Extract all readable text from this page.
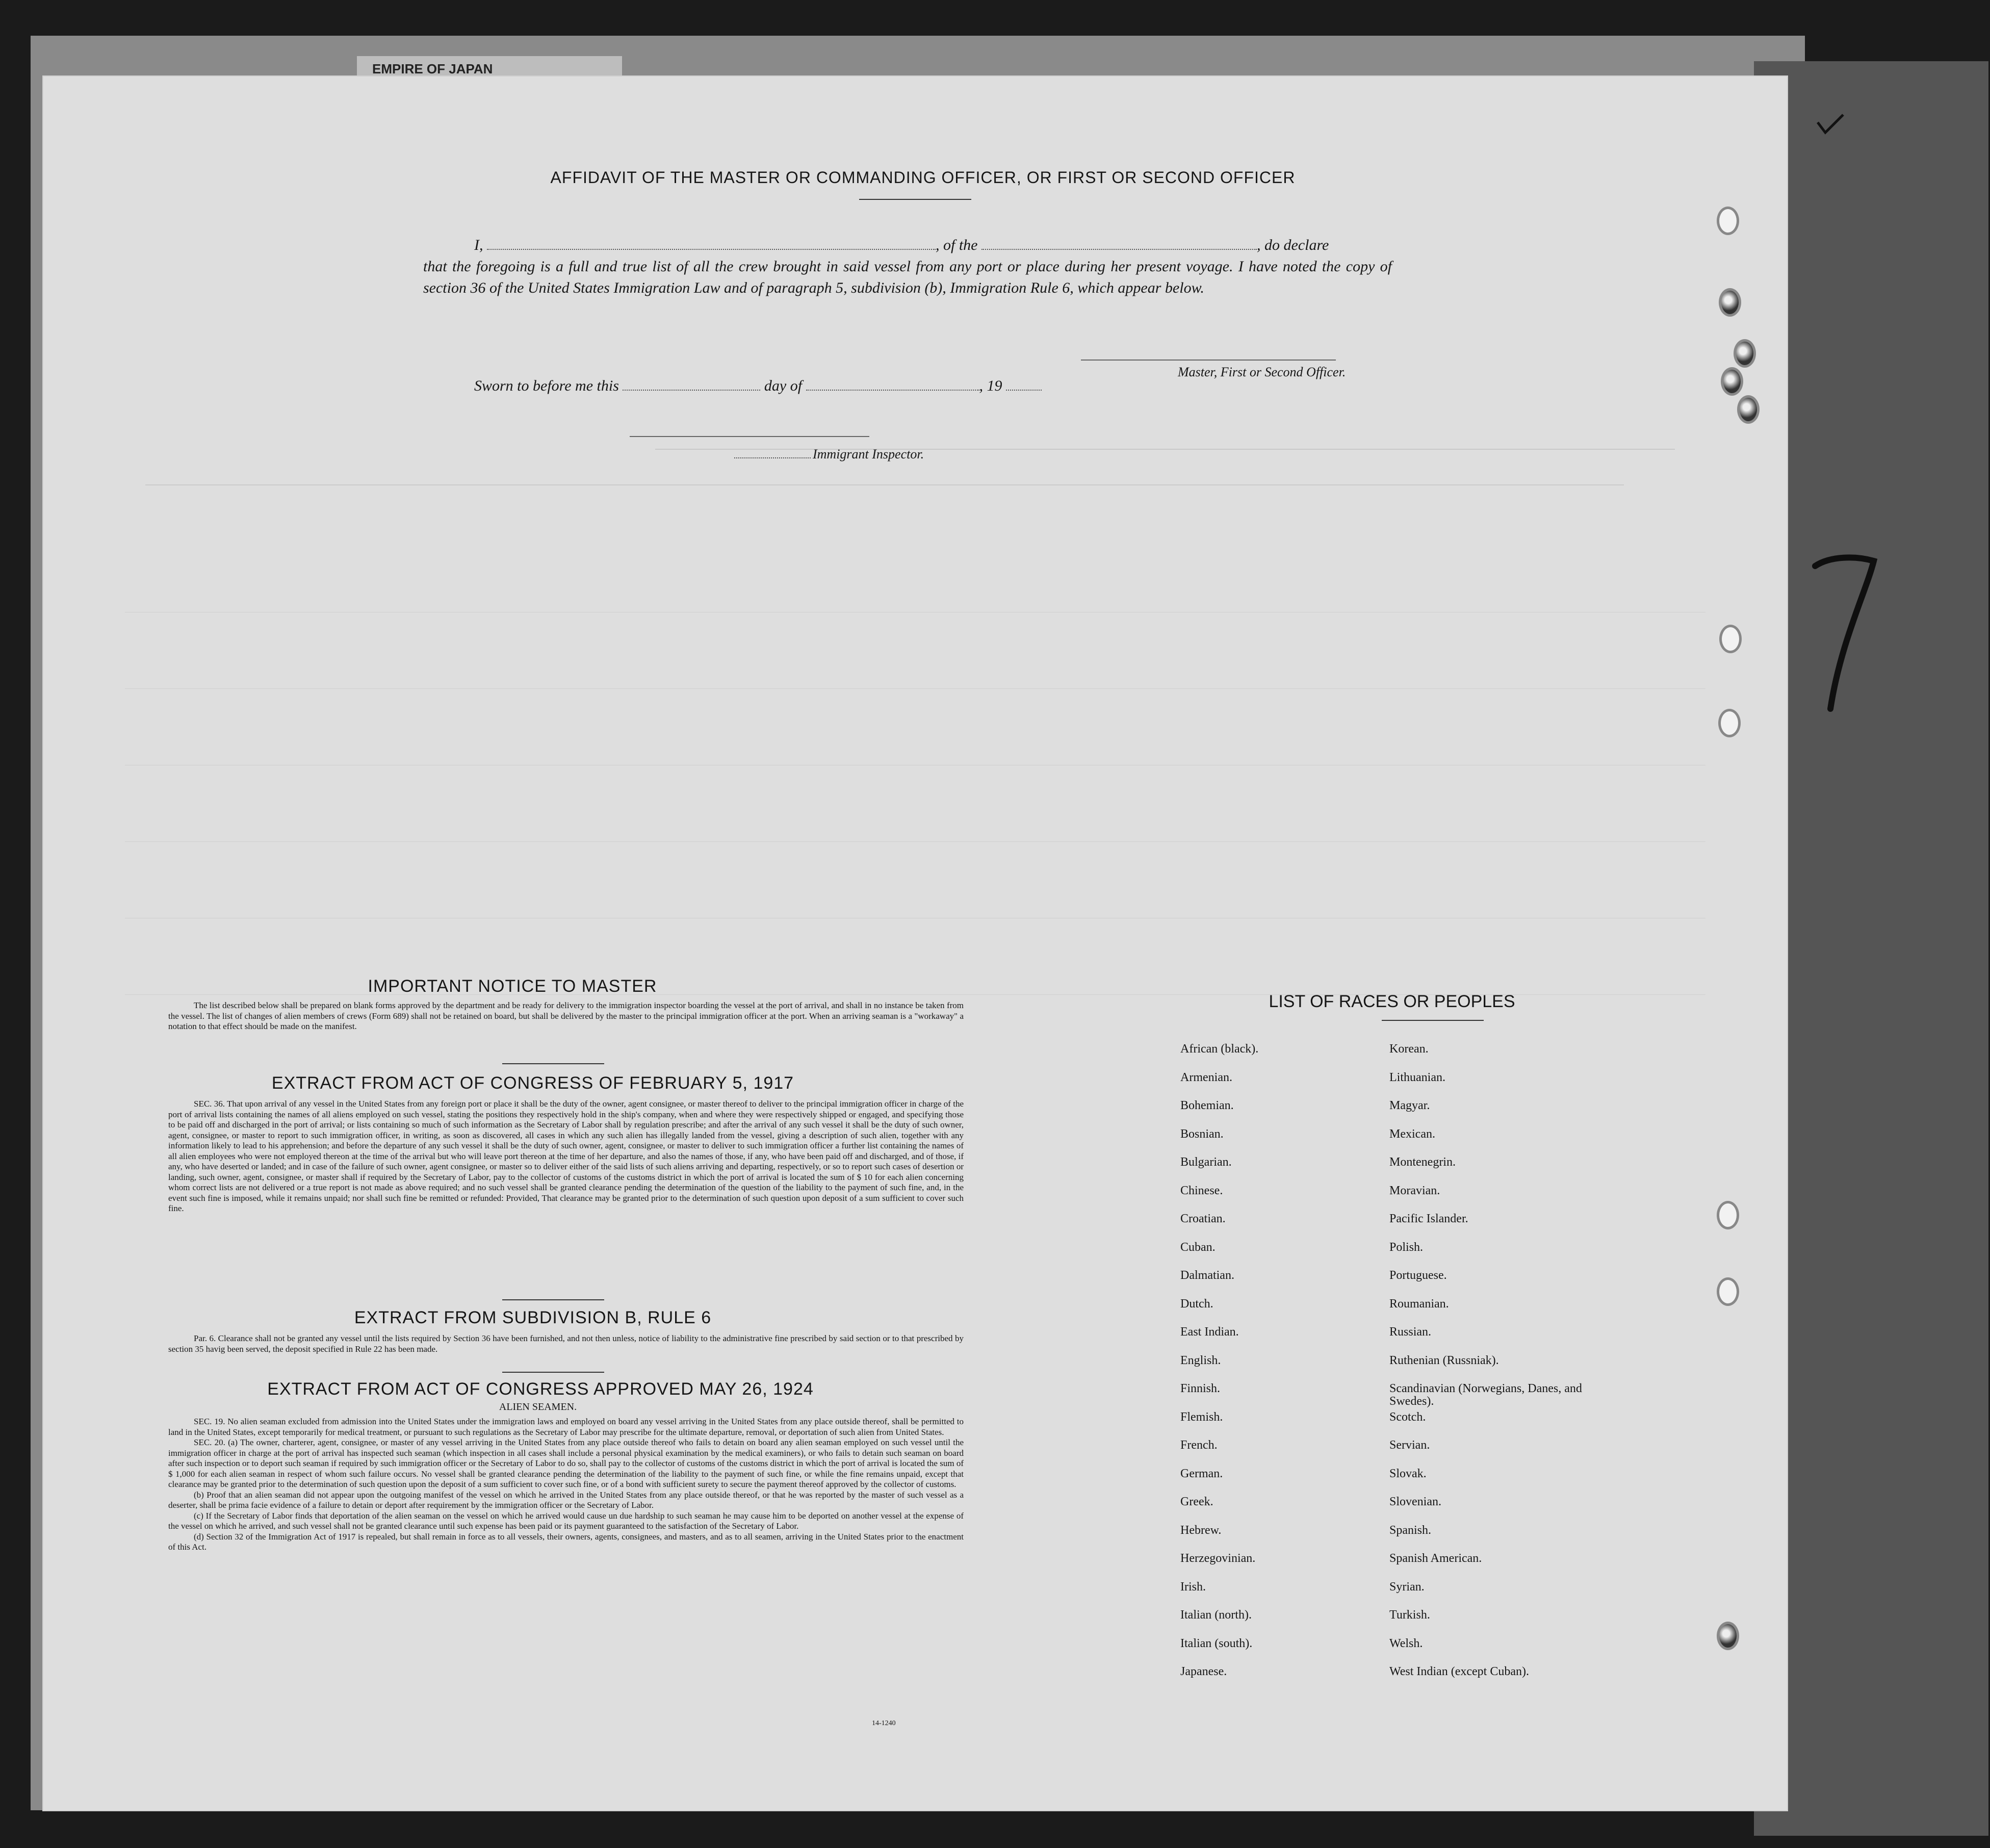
EMPIRE OF JAPAN
AFFIDAVIT OF THE MASTER OR COMMANDING OFFICER, OR FIRST OR SECOND OFFICER
I,	, of the	, do declare
that the foregoing is a full and true list of all the crew brought in said vessel from any port or place during her present voyage. I have noted the copy of section 36 of the United States Immigration Law and of paragraph 5, subdivision (b), Immigration Rule 6, which appear below.
Master, First or Second Officer.
Sworn to before me this	day of	, 19
Immigrant Inspector.
IMPORTANT NOTICE TO MASTER

The list described below shall be prepared on blank forms approved by the department and be ready for delivery to the immigration inspector boarding the vessel at the port of arrival, and shall in no instance be taken from the vessel. The list of changes of alien members of crews (Form 689) shall not be retained on board, but shall be delivered by the master to the principal immigration officer at the port. When an arriving seaman is a "workaway" a notation to that effect should be made on the manifest.

EXTRACT FROM ACT OF CONGRESS OF FEBRUARY 5, 1917

SEC. 36. That upon arrival of any vessel in the United States from any foreign port or place it shall be the duty of the owner, agent consignee, or master thereof to deliver to the principal immigration officer in charge of the port of arrival lists containing the names of all aliens employed on such vessel, stating the positions they respectively hold in the ship's company, when and where they were respectively shipped or engaged, and specifying those to be paid off and discharged in the port of arrival; or lists containing so much of such information as the Secretary of Labor shall by regulation prescribe; and after the arrival of any such vessel it shall be the duty of such owner, agent, consignee, or master to report to such immigration officer, in writing, as soon as discovered, all cases in which any such alien has illegally landed from the vessel, giving a description of such alien, together with any information likely to lead to his apprehension; and before the departure of any such vessel it shall be the duty of such owner, agent, consignee, or master to deliver to such immigration officer a further list containing the names of all alien employees who were not employed thereon at the time of the arrival but who will leave port thereon at the time of her departure, and also the names of those, if any, who have been paid off and discharged, and of those, if any, who have deserted or landed; and in case of the failure of such owner, agent consignee, or master so to deliver either of the said lists of such aliens arriving and departing, respectively, or so to report such cases of desertion or landing, such owner, agent, consignee, or master shall if required by the Secretary of Labor, pay to the collector of customs of the customs district in which the port of arrival is located the sum of $ 10 for each alien concerning whom correct lists are not delivered or a true report is not made as above required; and no such vessel shall be granted clearance pending the determination of the question of the liability to the payment of such fine, and, in the event such fine is imposed, while it remains unpaid; nor shall such fine be remitted or refunded: Provided, That clearance may be granted prior to the determination of such question upon deposit of a sum sufficient to cover such fine.

EXTRACT FROM SUBDIVISION B, RULE 6

Par. 6. Clearance shall not be granted any vessel until the lists required by Section 36 have been furnished, and not then unless, notice of liability to the administrative fine prescribed by said section or to that prescribed by section 35 havig been served, the deposit specified in Rule 22 has been made.

EXTRACT FROM ACT OF CONGRESS APPROVED MAY 26, 1924
ALIEN SEAMEN.

SEC. 19. No alien seaman excluded from admission into the United States under the immigration laws and employed on board any vessel arriving in the United States from any place outside thereof, shall be permitted to land in the United States, except temporarily for medical treatment, or pursuant to such regulations as the Secretary of Labor may prescribe for the ultimate departure, removal, or deportation of such alien from United States.

SEC. 20. (a) The owner, charterer, agent, consignee, or master of any vessel arriving in the United States from any place outside thereof who fails to detain on board any alien seaman employed on such vessel until the immigration officer in charge at the port of arrival has inspected such seaman (which inspection in all cases shall include a personal physical examination by the medical examiners), or who fails to detain such seaman on board after such inspection or to deport such seaman if required by such immigration officer or the Secretary of Labor to do so, shall pay to the collector of customs of the customs district in which the port of arrival is located the sum of $ 1,000 for each alien seaman in respect of whom such failure occurs. No vessel shall be granted clearance pending the determination of the liability to the payment of such fine, or while the fine remains unpaid, except that clearance may be granted prior to the determination of such question upon the deposit of a sum sufficient to cover such fine, or of a bond with sufficient surety to secure the payment thereof approved by the collector of customs.

(b) Proof that an alien seaman did not appear upon the outgoing manifest of the vessel on which he arrived in the United States from any place outside thereof, or that he was reported by the master of such vessel as a deserter, shall be prima facie evidence of a failure to detain or deport after requirement by the immigration officer or the Secretary of Labor.

(c) If the Secretary of Labor finds that deportation of the alien seaman on the vessel on which he arrived would cause un due hardship to such seaman he may cause him to be deported on another vessel at the expense of the vessel on which he arrived, and such vessel shall not be granted clearance until such expense has been paid or its payment guaranteed to the satisfaction of the Secretary of Labor.

(d) Section 32 of the Immigration Act of 1917 is repealed, but shall remain in force as to all vessels, their owners, agents, consignees, and masters, and as to all seamen, arriving in the United States prior to the enactment of this Act.

14-1240
LIST OF RACES OR PEOPLES
African (black).
Armenian.
Bohemian.
Bosnian.
Bulgarian.
Chinese.
Croatian.
Cuban.
Dalmatian.
Dutch.
East Indian.
English.
Finnish.
Flemish.
French.
German.
Greek.
Hebrew.
Herzegovinian.
Irish.
Italian (north).
Italian (south).
Japanese.
Korean.
Lithuanian.
Magyar.
Mexican.
Montenegrin.
Moravian.
Pacific Islander.
Polish.
Portuguese.
Roumanian.
Russian.
Ruthenian (Russniak).
Scandinavian (Norwegians, Danes, and Swedes).
Scotch.
Servian.
Slovak.
Slovenian.
Spanish.
Spanish American.
Syrian.
Turkish.
Welsh.
West Indian (except Cuban).
